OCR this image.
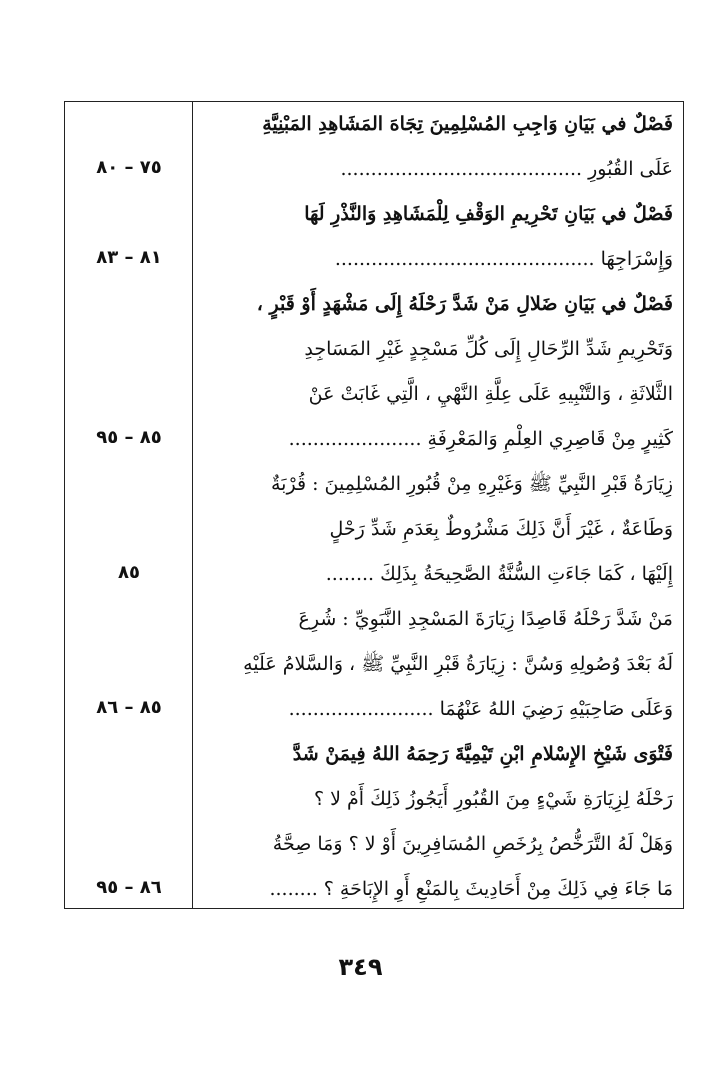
فَصْلٌ في بَيَانِ وَاجِبِ المُسْلِمِينَ تِجَاهَ المَشَاهِدِ المَبْنِيَّةِ
عَلَى القُبُورِ ........................................
٧٥ – ٨٠
فَصْلٌ في بَيَانِ تَحْرِيمِ الوَقْفِ لِلْمَشَاهِدِ وَالنَّذْرِ لَهَا
وَإِسْرَاجِهَا ...........................................
٨١ – ٨٣
فَصْلٌ في بَيَانِ ضَلالِ مَنْ شَدَّ رَحْلَهُ إِلَى مَشْهَدٍ أَوْ قَبْرٍ ،
وَتَحْرِيمِ شَدِّ الرِّحَالِ إِلَى كُلِّ مَسْجِدٍ غَيْرِ المَسَاجِدِ
الثَّلاثَةِ ، وَالتَّنْبِيهِ عَلَى عِلَّةِ النَّهْيِ ، الَّتِي غَابَتْ عَنْ
كَثِيرٍ مِنْ قَاصِرِي العِلْمِ وَالمَعْرِفَةِ ......................
٨٥ – ٩٥
زِيَارَةُ قَبْرِ النَّبِيِّ ﷺ وَغَيْرِهِ مِنْ قُبُورِ المُسْلِمِينَ : قُرْبَةٌ
وَطَاعَةٌ ، غَيْرَ أَنَّ ذَلِكَ مَشْرُوطٌ بِعَدَمِ شَدِّ رَحْلٍ
إِلَيْهَا ، كَمَا جَاءَتِ السُّنَّةُ الصَّحِيحَةُ بِذَلِكَ ........
٨٥
مَنْ شَدَّ رَحْلَهُ قَاصِدًا زِيَارَةَ المَسْجِدِ النَّبَوِيِّ : شُرِعَ
لَهُ بَعْدَ وُصُولِهِ وَسُنَّ : زِيَارَةُ قَبْرِ النَّبِيِّ ﷺ ، وَالسَّلامُ عَلَيْهِ
وَعَلَى صَاحِبَيْهِ رَضِيَ اللهُ عَنْهُمَا ........................
٨٥ – ٨٦
فَتْوَى شَيْخِ الإِسْلامِ ابْنِ تَيْمِيَّةَ رَحِمَهُ اللهُ فِيمَنْ شَدَّ
رَحْلَهُ لِزِيَارَةِ شَيْءٍ مِنَ القُبُورِ أَيَجُوزُ ذَلِكَ أَمْ لا ؟
وَهَلْ لَهُ التَّرَخُّصُ بِرُخَصِ المُسَافِرِينَ أَوْ لا ؟ وَمَا صِحَّةُ
مَا جَاءَ فِي ذَلِكَ مِنْ أَحَادِيثَ بِالمَنْعِ أَوِ الإِبَاحَةِ ؟ ........
٨٦ – ٩٥
٣٤٩
